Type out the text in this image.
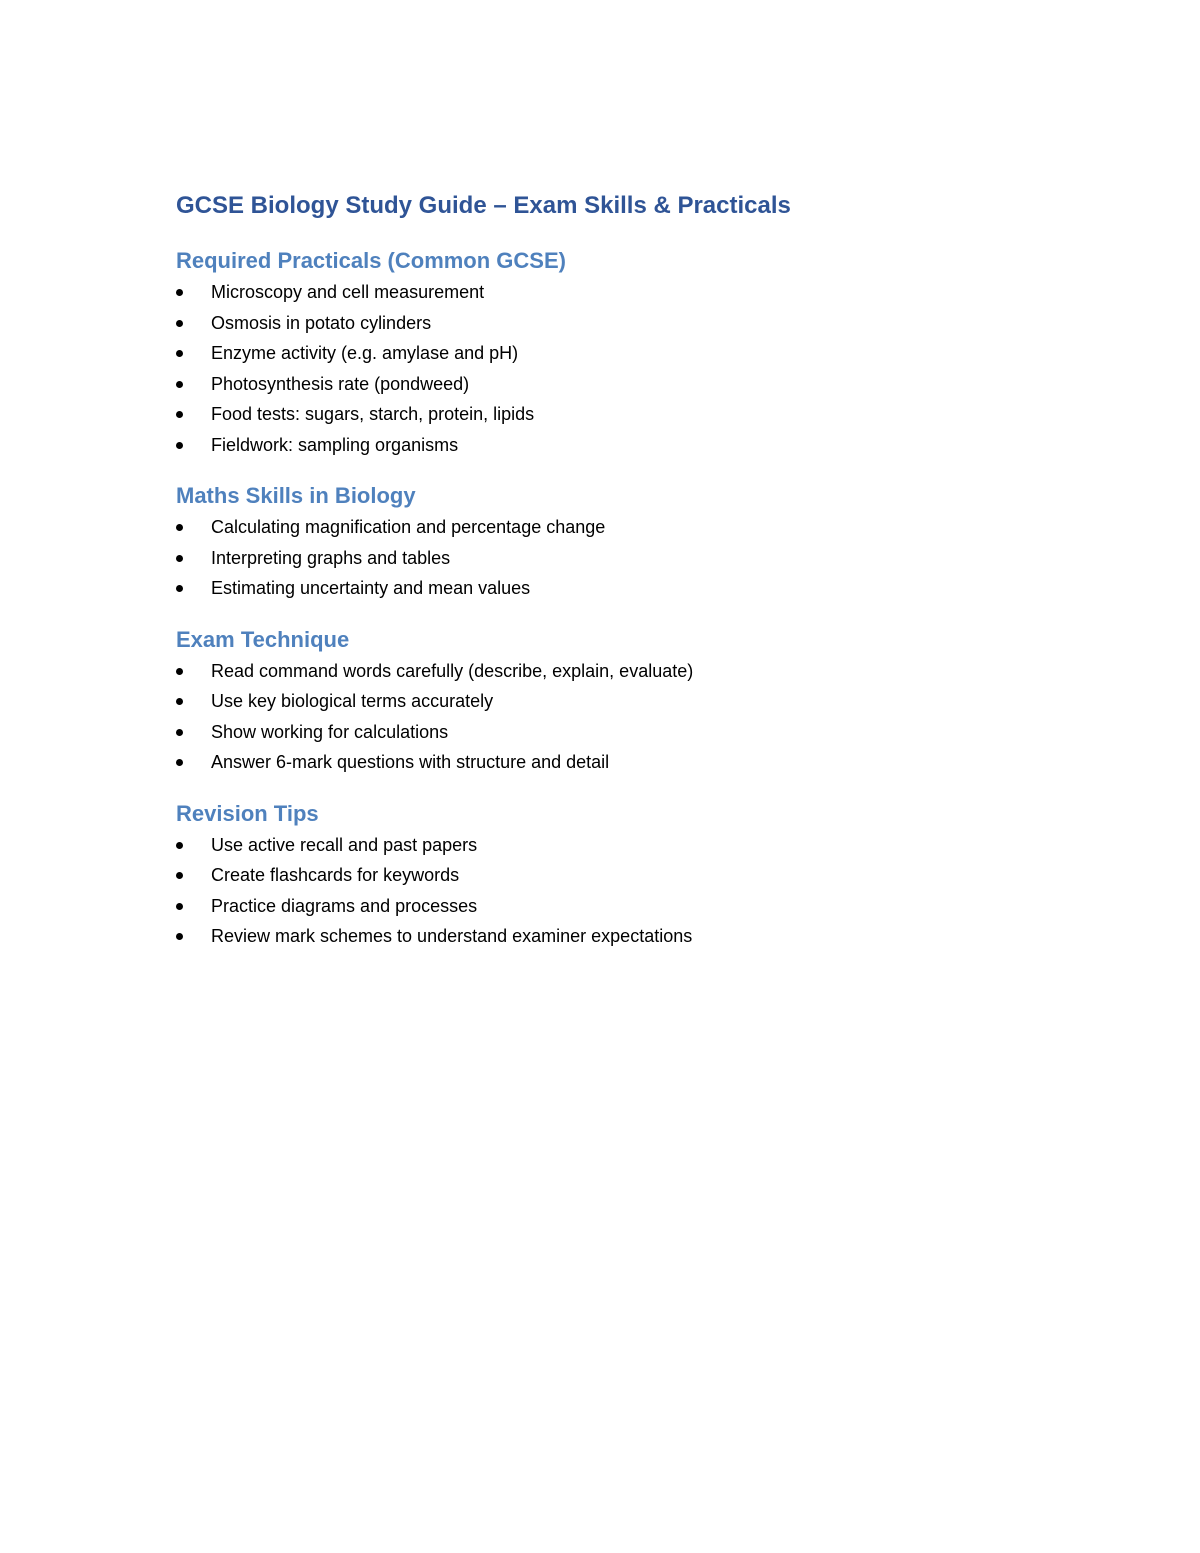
GCSE Biology Study Guide – Exam Skills & Practicals
Required Practicals (Common GCSE)
Microscopy and cell measurement
Osmosis in potato cylinders
Enzyme activity (e.g. amylase and pH)
Photosynthesis rate (pondweed)
Food tests: sugars, starch, protein, lipids
Fieldwork: sampling organisms
Maths Skills in Biology
Calculating magnification and percentage change
Interpreting graphs and tables
Estimating uncertainty and mean values
Exam Technique
Read command words carefully (describe, explain, evaluate)
Use key biological terms accurately
Show working for calculations
Answer 6-mark questions with structure and detail
Revision Tips
Use active recall and past papers
Create flashcards for keywords
Practice diagrams and processes
Review mark schemes to understand examiner expectations
